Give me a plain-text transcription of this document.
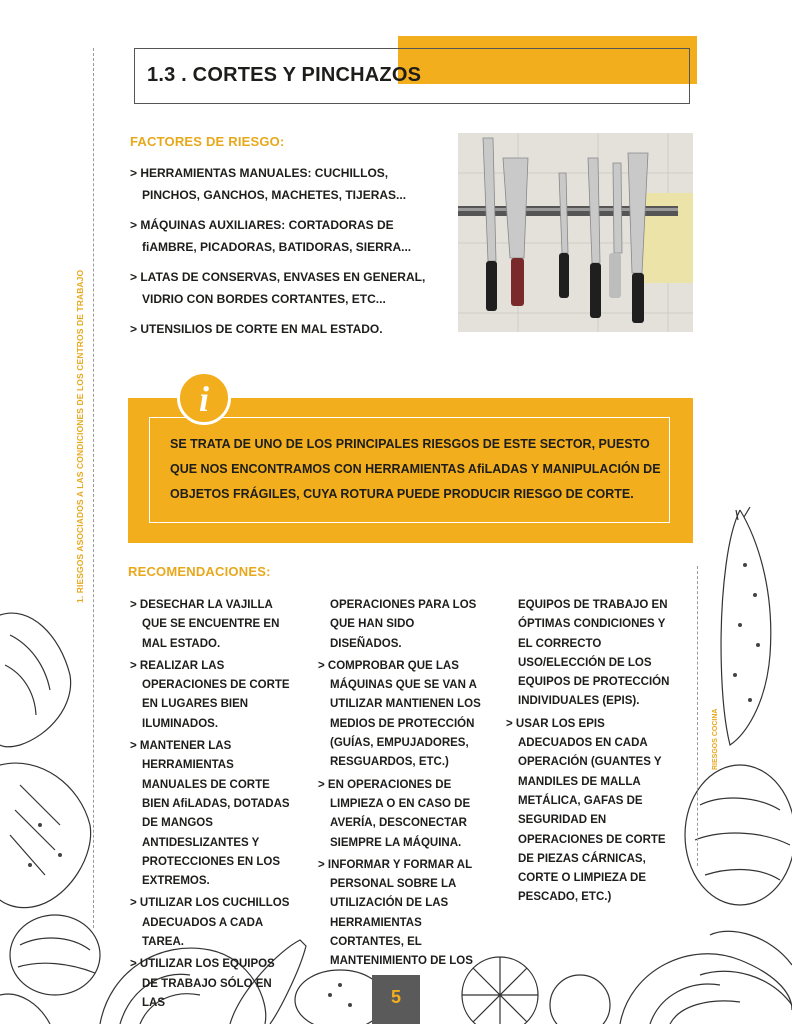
1. RIESGOS ASOCIADOS A LAS CONDICIONES DE LOS CENTROS DE TRABAJO
RIESGOS COCINA
1.3 . CORTES Y PINCHAZOS
FACTORES DE RIESGO:
> HERRAMIENTAS MANUALES: CUCHILLOS, PINCHOS, GANCHOS, MACHETES, TIJERAS...
> MÁQUINAS AUXILIARES: CORTADORAS DE ﬁAMBRE, PICADORAS, BATIDORAS, SIERRA...
> LATAS DE CONSERVAS, ENVASES EN GENERAL, VIDRIO CON BORDES CORTANTES, ETC...
> UTENSILIOS DE CORTE EN MAL ESTADO.
i
SE TRATA DE UNO DE LOS PRINCIPALES RIESGOS DE ESTE SECTOR, PUESTO QUE NOS ENCONTRAMOS CON HERRAMIENTAS AﬁLADAS Y MANIPULACIÓN DE OBJETOS FRÁGILES, CUYA ROTURA PUEDE PRODUCIR RIESGO DE CORTE.
RECOMENDACIONES:
> DESECHAR LA VAJILLA QUE SE ENCUENTRE EN MAL ESTADO.
> REALIZAR LAS OPERACIONES DE CORTE EN LUGARES BIEN ILUMINADOS.
> MANTENER LAS HERRAMIENTAS MANUALES DE CORTE BIEN AﬁLADAS, DOTADAS DE MANGOS ANTIDESLIZANTES Y PROTECCIONES EN LOS EXTREMOS.
> UTILIZAR LOS CUCHILLOS ADECUADOS A CADA TAREA.
> UTILIZAR LOS EQUIPOS DE TRABAJO SÓLO EN LAS
OPERACIONES PARA LOS QUE HAN SIDO DISEÑADOS.
> COMPROBAR QUE LAS MÁQUINAS QUE SE VAN A UTILIZAR MANTIENEN LOS MEDIOS DE PROTECCIÓN (GUÍAS, EMPUJADORES, RESGUARDOS, ETC.)
> EN OPERACIONES DE LIMPIEZA O EN CASO DE AVERÍA, DESCONECTAR SIEMPRE LA MÁQUINA.
> INFORMAR Y FORMAR AL PERSONAL SOBRE LA UTILIZACIÓN DE LAS HERRAMIENTAS CORTANTES, EL MANTENIMIENTO DE LOS
EQUIPOS DE TRABAJO EN ÓPTIMAS CONDICIONES Y EL CORRECTO USO/ELECCIÓN DE LOS EQUIPOS DE PROTECCIÓN INDIVIDUALES (EPIS).
> USAR LOS EPIS ADECUADOS EN CADA OPERACIÓN (GUANTES Y MANDILES DE MALLA METÁLICA, GAFAS DE SEGURIDAD EN OPERACIONES DE CORTE DE PIEZAS CÁRNICAS, CORTE O LIMPIEZA DE PESCADO, ETC.)
5
